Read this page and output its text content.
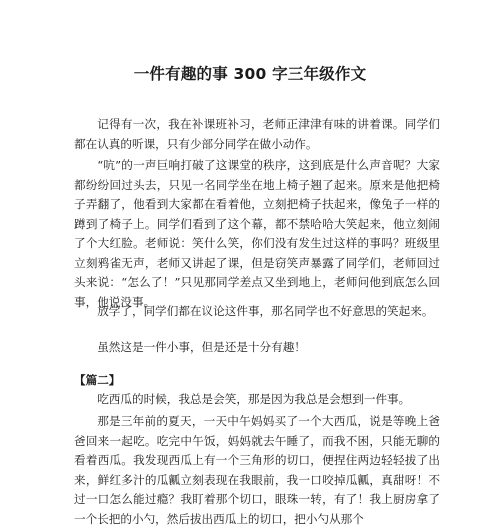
一件有趣的事 300 字三年级作文

记得有一次，我在补课班补习，老师正津津有味的讲着课。同学们都在认真的听课，只有少部分同学在做小动作。

“吭”的一声巨响打破了这课堂的秩序，这到底是什么声音呢？大家都纷纷回过头去，只见一名同学坐在地上椅子翘了起来。原来是他把椅子弄翻了，他看到大家都在看着他，立刻把椅子扶起来，像兔子一样的蹲到了椅子上。同学们看到了这个幕，都不禁哈哈大笑起来，他立刻闹了个大红脸。老师说：笑什么笑，你们没有发生过这样的事吗？班级里立刻鸦雀无声，老师又讲起了课，但是窃笑声暴露了同学们，老师回过头来说：“怎么了！”只见那同学差点又坐到地上，老师问他到底怎么回事，他说没事。

放学了，同学们都在议论这件事，那名同学也不好意思的笑起来。

虽然这是一件小事，但是还是十分有趣！

【篇二】

吃西瓜的时候，我总是会笑，那是因为我总是会想到一件事。

那是三年前的夏天，一天中午妈妈买了一个大西瓜，说是等晚上爸爸回来一起吃。吃完中午饭，妈妈就去午睡了，而我不困，只能无聊的看着西瓜。我发现西瓜上有一个三角形的切口，便捏住两边轻轻拔了出来，鲜红多汁的瓜瓤立刻表现在我眼前，我一口咬掉瓜瓤，真甜呀！不过一口怎么能过瘾？我盯着那个切口，眼珠一转，有了！我上厨房拿了一个长把的小勺，然后拔出西瓜上的切口，把小勺从那个
